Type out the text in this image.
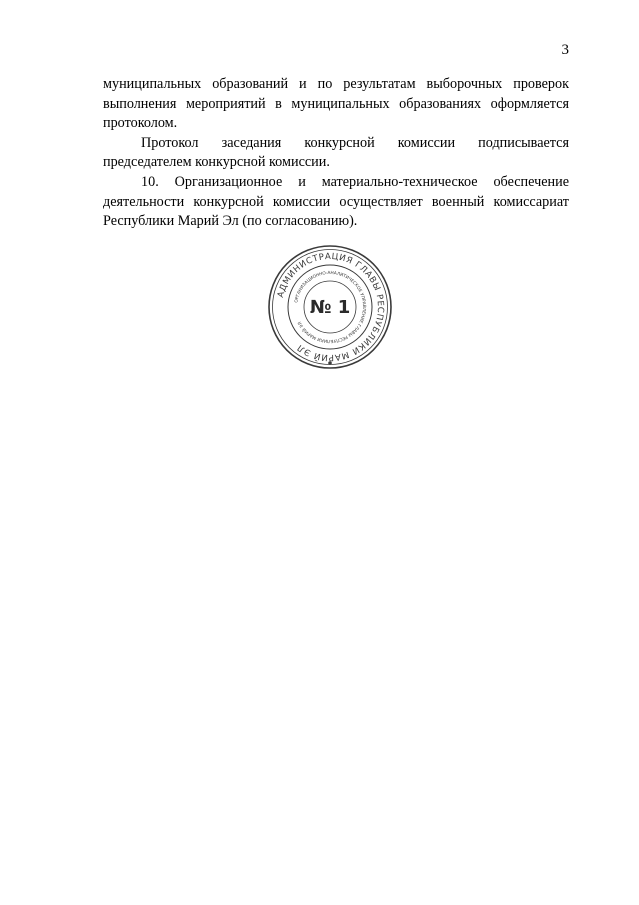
3

муниципальных образований и по результатам выборочных проверок выполнения мероприятий в муниципальных образованиях оформляется протоколом.

Протокол заседания конкурсной комиссии подписывается председателем конкурсной комиссии.

10. Организационное и материально-техническое обеспечение деятельности конкурсной комиссии осуществляет военный комиссариат Республики Марий Эл (по согласованию).

АДМИНИСТРАЦИЯ ГЛАВЫ РЕСПУБЛИКИ МАРИЙ ЭЛ
ОРГАНИЗАЦИОННО-АНАЛИТИЧЕСКОЕ УПРАВЛЕНИЕ ГЛАВЫ РЕСПУБЛИКИ МАРИЙ ЭЛ
№ 1
